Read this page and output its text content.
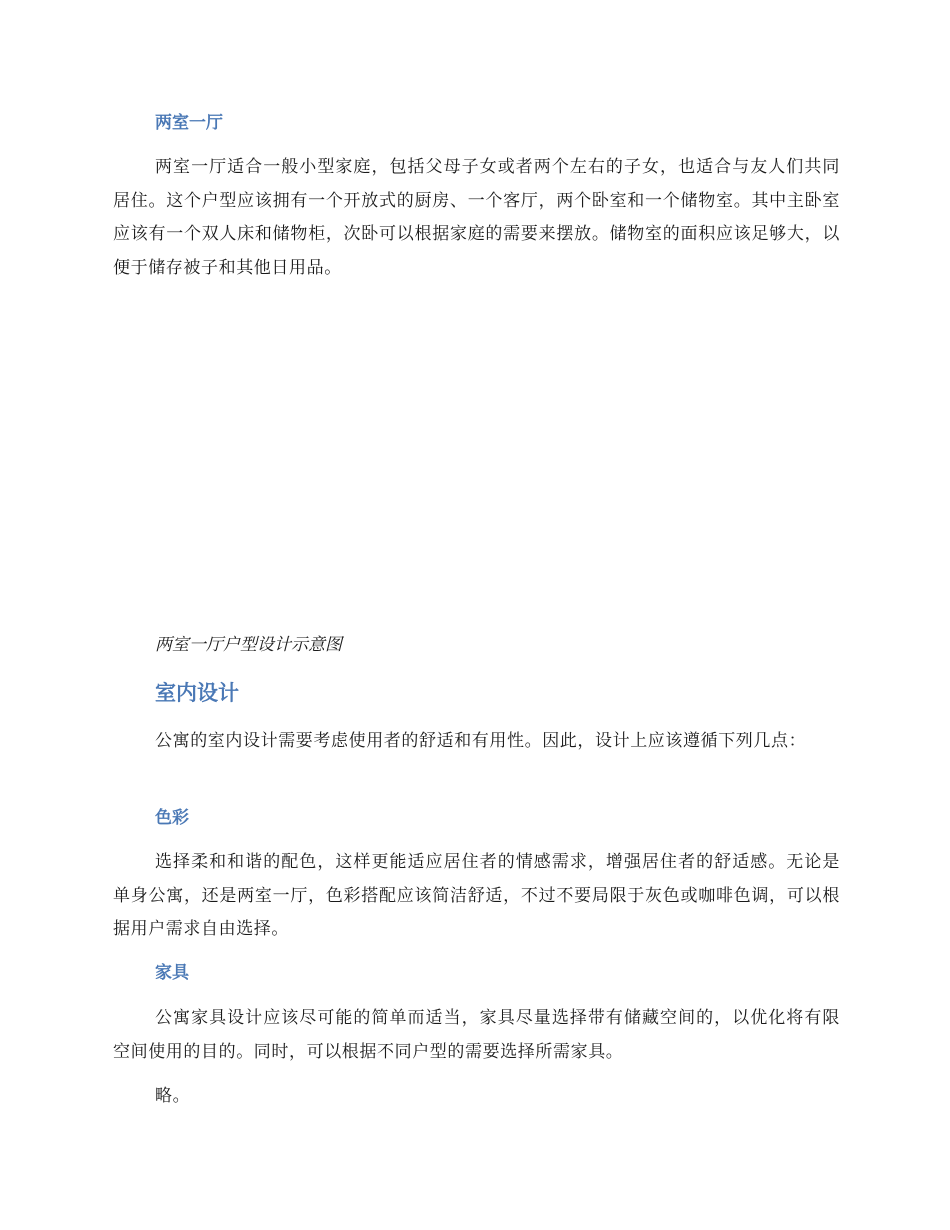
两室一厅

两室一厅适合一般小型家庭，包括父母子女或者两个左右的子女，也适合与友人们共同居住。这个户型应该拥有一个开放式的厨房、一个客厅，两个卧室和一个储物室。其中主卧室应该有一个双人床和储物柜，次卧可以根据家庭的需要来摆放。储物室的面积应该足够大，以便于储存被子和其他日用品。

两室一厅户型设计示意图

室内设计

公寓的室内设计需要考虑使用者的舒适和有用性。因此，设计上应该遵循下列几点：

色彩

选择柔和和谐的配色，这样更能适应居住者的情感需求，增强居住者的舒适感。无论是单身公寓，还是两室一厅，色彩搭配应该简洁舒适，不过不要局限于灰色或咖啡色调，可以根据用户需求自由选择。

家具

公寓家具设计应该尽可能的简单而适当，家具尽量选择带有储藏空间的，以优化将有限空间使用的目的。同时，可以根据不同户型的需要选择所需家具。

略。
